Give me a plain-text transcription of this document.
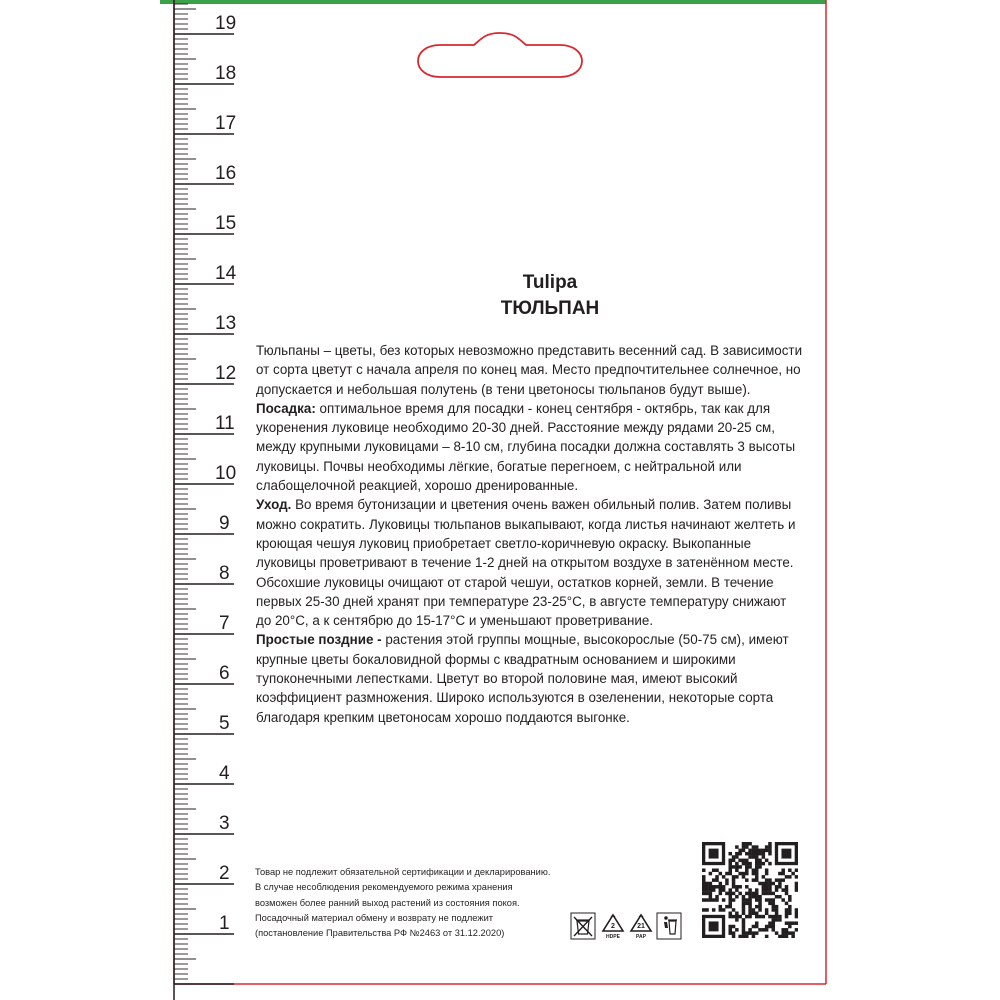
19
18
17
16
15
14
13
12
11
10
9
8
7
6
5
4
3
2
1
Tulipa
ТЮЛЬПАН

Тюльпаны – цветы, без которых невозможно представить весенний сад. В зависимости от сорта цветут с начала апреля по конец мая. Место предпочтительнее солнечное, но допускается и небольшая полутень (в тени цветоносы тюльпанов будут выше).

Посадка: оптимальное время для посадки - конец сентября - октябрь, так как для укоренения луковице необходимо 20-30 дней. Расстояние между рядами 20-25 см, между крупными луковицами – 8-10 см, глубина посадки должна составлять 3 высоты луковицы. Почвы необходимы лёгкие, богатые перегноем, с нейтральной или слабощелочной реакцией, хорошо дренированные.

Уход. Во время бутонизации и цветения очень важен обильный полив. Затем поливы можно сократить. Луковицы тюльпанов выкапывают, когда листья начинают желтеть и кроющая чешуя луковиц приобретает светло-коричневую окраску. Выкопанные луковицы проветривают в течение 1-2 дней на открытом воздухе в затенённом месте. Обсохшие луковицы очищают от старой чешуи, остатков корней, земли. В течение первых 25-30 дней хранят при температуре 23-25°С, в августе температуру снижают до 20°С, а к сентябрю до 15-17°С и уменьшают проветривание.

Простые поздние - растения этой группы мощные, высокорослые (50-75 см), имеют крупные цветы бокаловидной формы с квадратным основанием и широкими тупоконечными лепестками. Цветут во второй половине мая, имеют высокий коэффициент размножения. Широко используются в озеленении, некоторые сорта благодаря крепким цветоносам хорошо поддаются выгонке.

Товар не подлежит обязательной сертификации и декларированию.
В случае несоблюдения рекомендуемого режима хранения
возможен более ранний выход растений из состояния покоя.
Посадочный материал обмену и возврату не подлежит
(постановление Правительства РФ №2463 от 31.12.2020)
2
HDPE
21
PAP
